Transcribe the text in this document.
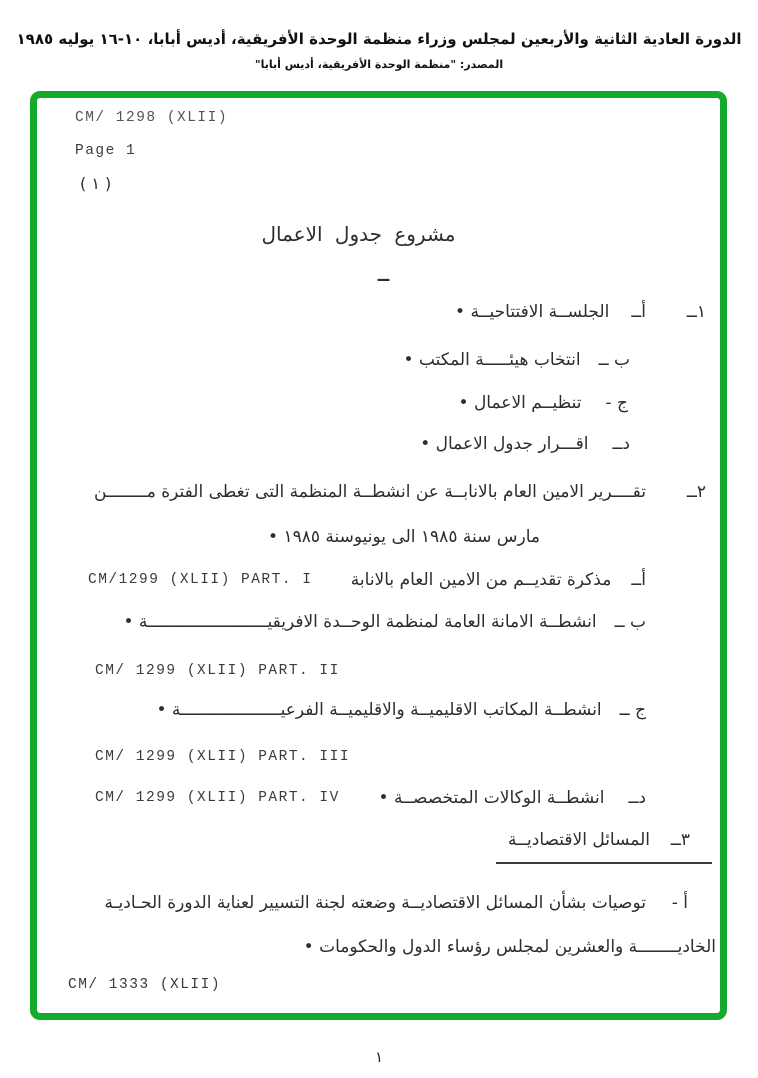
الدورة العادية الثانية والأربعين لمجلس وزراء منظمة الوحدة الأفريقية، أديس أبابا، ١٠-١٦ يوليه ١٩٨٥
المصدر: "منظمة الوحدة الأفريقية، أديس أبابا"
CM/ 1298 (XLII)
Page 1
( ١ )
مشروع جدول الاعمال
ــ
١ــ
أــ
الجلســة الافتتاحيــة •
ب ــ
انتخاب هيئـــــة المكتب •
ج -
تنظيــم الاعمال •
دــ
اقـــرار جدول الاعمال •
٢ــ
تقــــرير الامين العام بالانابــة عن انشطــة المنظمة التى تغطى الفترة مــــــــن
مارس سنة ١٩٨٥ الى يونيوسنة ١٩٨٥ •
أــ
مذكرة تقديــم من الامين العام بالانابة
CM/1299 (XLII) PART. I
ب ــ
انشطــة الامانة العامة لمنظمة الوحــدة الافريقيــــــــــــــــــــــــة •
CM/ 1299 (XLII) PART. II
ج ــ
انشطــة المكاتب الاقليميــة والاقليميــة الفرعيــــــــــــــــــــة •
CM/ 1299 (XLII) PART. III
دــ
انشطــة الوكالات المتخصصــة •
CM/ 1299 (XLII) PART. IV
٣ــ
المسائل الاقتصاديــة
أ -
توصيات بشأن المسائل الاقتصاديــة وضعته لجنة التسيير لعناية الدورة الحـاديـة
الخاديــــــــة والعشرين لمجلس رؤساء الدول والحكومات •
CM/ 1333 (XLII)
١
